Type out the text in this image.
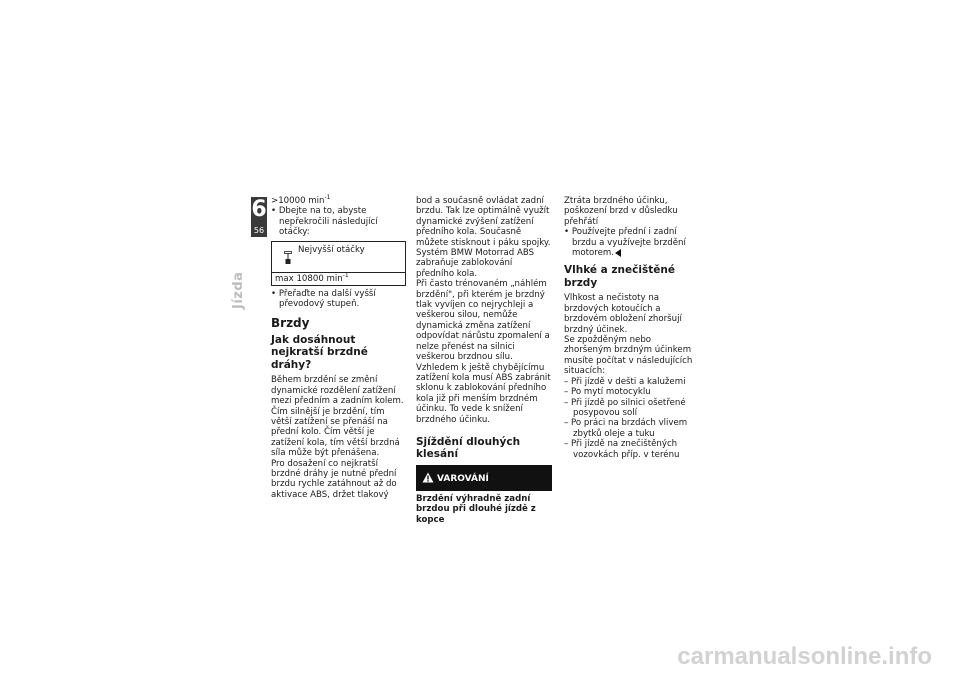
6
56
Jízda

>10000 $\min^{-1}$

• Dbejte na to, abyste nepřekročili následující otáčky:

Nejvyšší otáčky
max 10800 $\min^{-1}$

• Přeřaďte na další vyšší převodový stupeň.

Brzdy
Jak dosáhnout nejkratší brzdné dráhy?

Během brzdění se změní dynamické rozdělení zatížení mezi předním a zadním kolem. Čím silnější je brzdění, tím větší zatížení se přenáší na přední kolo. Čím větší je zatížení kola, tím větší brzdná síla může být přenášena.

Pro dosažení co nejkratší brzdné dráhy je nutné přední brzdu rychle zatáhnout až do aktivace ABS, držet tlakový

bod a současně ovládat zadní brzdu. Tak lze optimálně využít dynamické zvýšení zatížení předního kola. Současně můžete stisknout i páku spojky.

Systém BMW Motorrad ABS zabraňuje zablokování předního kola.

Při často trénovaném „náhlém brzdění", při kterém je brzdný tlak vyvíjen co nejrychleji a veškerou silou, nemůže dynamická změna zatížení odpovídat nárůstu zpomalení a nelze přenést na silnici veškerou brzdnou sílu. Vzhledem k ještě chybějícímu zatížení kola musí ABS zabránit sklonu k zablokování předního kola již při menším brzdném účinku. To vede k snížení brzdného účinku.

Sjíždění dlouhých klesání
VAROVÁNÍ

Brzdění výhradně zadní brzdou při dlouhé jízdě z kopce

Ztráta brzdného účinku, poškození brzd v důsledku přehřátí

• Používejte přední i zadní brzdu a využívejte brzdění motorem.

Vlhké a znečištěné brzdy

Vlhkost a nečistoty na brzdových kotoučích a brzdovém obložení zhoršují brzdný účinek.

Se zpožděným nebo zhoršeným brzdným účinkem musíte počítat v následujících situacích:

– Při jízdě v dešti a kalužemi

– Po mytí motocyklu

– Při jízdě po silnici ošetřené posypovou solí

– Po práci na brzdách vlivem zbytků oleje a tuku

– Při jízdě na znečištěných vozovkách příp. v terénu

carmanualsonline.info
